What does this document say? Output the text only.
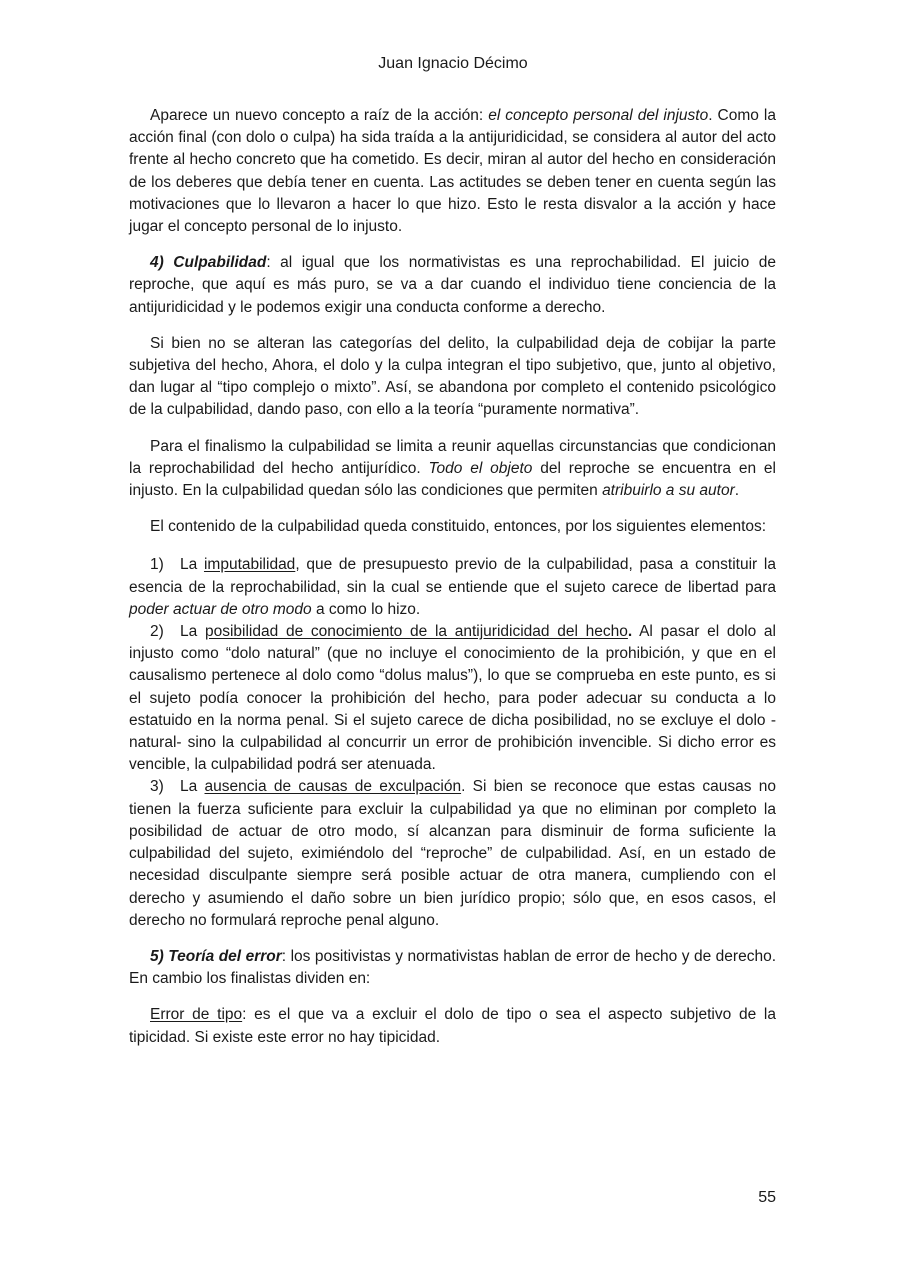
Juan Ignacio Décimo

Aparece un nuevo concepto a raíz de la acción: el concepto personal del injusto. Como la acción final (con dolo o culpa) ha sida traída a la antijuridicidad, se considera al autor del acto frente al hecho concreto que ha cometido. Es decir, miran al autor del hecho en consideración de los deberes que debía tener en cuenta. Las actitudes se deben tener en cuenta según las motivaciones que lo llevaron a hacer lo que hizo. Esto le resta disvalor a la acción y hace jugar el concepto personal de lo injusto.

4) Culpabilidad: al igual que los normativistas es una reprochabilidad. El juicio de reproche, que aquí es más puro, se va a dar cuando el individuo tiene conciencia de la antijuridicidad y le podemos exigir una conducta conforme a derecho.

Si bien no se alteran las categorías del delito, la culpabilidad deja de cobijar la parte subjetiva del hecho, Ahora, el dolo y la culpa integran el tipo subjetivo, que, junto al objetivo, dan lugar al “tipo complejo o mixto”. Así, se abandona por completo el contenido psicológico de la culpabilidad, dando paso, con ello a la teoría “puramente normativa”.

Para el finalismo la culpabilidad se limita a reunir aquellas circunstancias que condicionan la reprochabilidad del hecho antijurídico. Todo el objeto del reproche se encuentra en el injusto. En la culpabilidad quedan sólo las condiciones que permiten atribuirlo a su autor.

El contenido de la culpabilidad queda constituido, entonces, por los siguientes elementos:

1) La imputabilidad, que de presupuesto previo de la culpabilidad, pasa a constituir la esencia de la reprochabilidad, sin la cual se entiende que el sujeto carece de libertad para poder actuar de otro modo a como lo hizo.

2) La posibilidad de conocimiento de la antijuridicidad del hecho. Al pasar el dolo al injusto como “dolo natural” (que no incluye el conocimiento de la prohibición, y que en el causalismo pertenece al dolo como “dolus malus”), lo que se comprueba en este punto, es si el sujeto podía conocer la prohibición del hecho, para poder adecuar su conducta a lo estatuido en la norma penal. Si el sujeto carece de dicha posibilidad, no se excluye el dolo -natural- sino la culpabilidad al concurrir un error de prohibición invencible. Si dicho error es vencible, la culpabilidad podrá ser atenuada.

3) La ausencia de causas de exculpación. Si bien se reconoce que estas causas no tienen la fuerza suficiente para excluir la culpabilidad ya que no eliminan por completo la posibilidad de actuar de otro modo, sí alcanzan para disminuir de forma suficiente la culpabilidad del sujeto, eximiéndolo del “reproche” de culpabilidad. Así, en un estado de necesidad disculpante siempre será posible actuar de otra manera, cumpliendo con el derecho y asumiendo el daño sobre un bien jurídico propio; sólo que, en esos casos, el derecho no formulará reproche penal alguno.

5) Teoría del error: los positivistas y normativistas hablan de error de hecho y de derecho. En cambio los finalistas dividen en:

Error de tipo: es el que va a excluir el dolo de tipo o sea el aspecto subjetivo de la tipicidad. Si existe este error no hay tipicidad.

55
